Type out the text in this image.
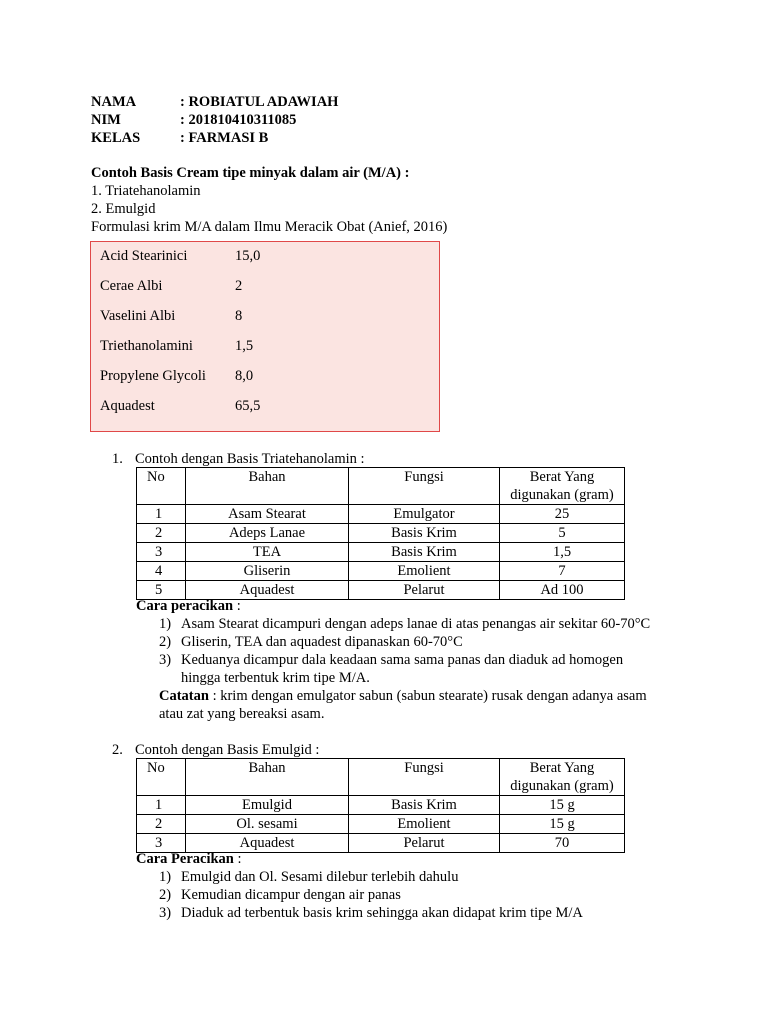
NAMA	: ROBIATUL ADAWIAH
NIM	: 201810410311085
KELAS	: FARMASI B
Contoh Basis Cream tipe minyak dalam air (M/A) :
1. Triatehanolamin
2. Emulgid
Formulasi krim M/A dalam Ilmu Meracik Obat (Anief, 2016)
Acid Stearinici	15,0
Cerae Albi	2
Vaselini Albi	8
Triethanolamini	1,5
Propylene Glycoli	8,0
Aquadest	65,5
1. Contoh dengan Basis Triatehanolamin :
No	Bahan	Fungsi	Berat Yang
digunakan (gram)

1	Asam Stearat	Emulgator	25
2	Adeps Lanae	Basis Krim	5
3	TEA	Basis Krim	1,5
4	Gliserin	Emolient	7
5	Aquadest	Pelarut	Ad 100
Cara peracikan :
1) Asam Stearat dicampuri dengan adeps lanae di atas penangas air sekitar 60-70°C
2) Gliserin, TEA dan aquadest dipanaskan 60-70°C
3) Keduanya dicampur dala keadaan sama sama panas dan diaduk ad homogen
hingga terbentuk krim tipe M/A.
Catatan : krim dengan emulgator sabun (sabun stearate) rusak dengan adanya asam
atau zat yang bereaksi asam.
2. Contoh dengan Basis Emulgid :
No	Bahan	Fungsi	Berat Yang
digunakan (gram)

1	Emulgid	Basis Krim	15 g
2	Ol. sesami	Emolient	15 g
3	Aquadest	Pelarut	70
Cara Peracikan :
1) Emulgid dan Ol. Sesami dilebur terlebih dahulu
2) Kemudian dicampur dengan air panas
3) Diaduk ad terbentuk basis krim sehingga akan didapat krim tipe M/A
